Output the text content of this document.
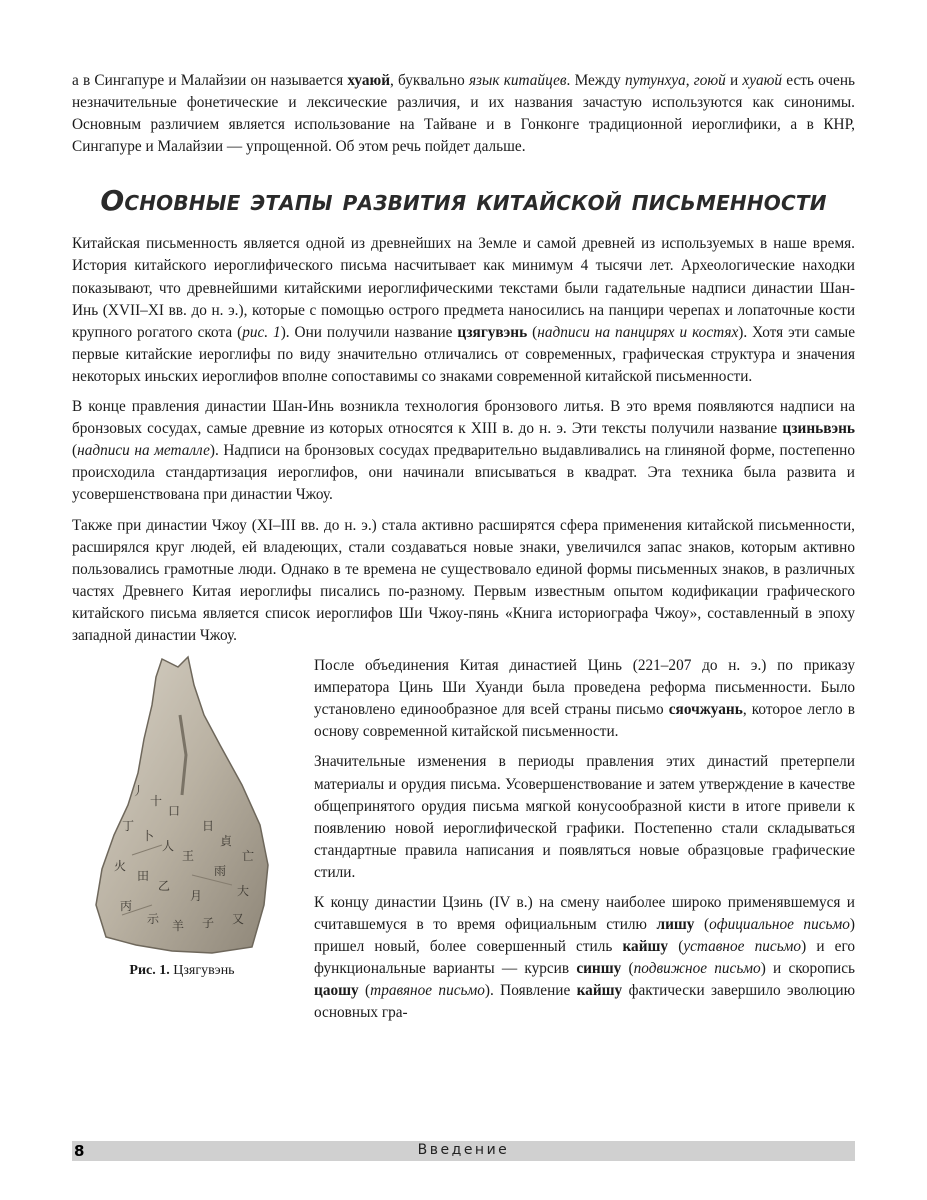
а в Сингапуре и Малайзии он называется хуаюй, буквально язык китайцев. Между путунхуа, гоюй и хуаюй есть очень незначительные фонетические и лексические различия, и их названия зачастую используются как синонимы. Основным различием является использование на Тайване и в Гонконге традиционной иероглифики, а в КНР, Сингапуре и Малайзии — упрощенной. Об этом речь пойдет дальше.

Основные этапы развития китайской письменности

Китайская письменность является одной из древнейших на Земле и самой древней из используемых в наше время. История китайского иероглифического письма насчитывает как минимум 4 тысячи лет. Археологические находки показывают, что древнейшими китайскими иероглифическими текстами были гадательные надписи династии Шан-Инь (XVII–XI вв. до н. э.), которые с помощью острого предмета наносились на панцири черепах и лопаточные кости крупного рогатого скота (рис. 1). Они получили название цзягувэнь (надписи на панцирях и костях). Хотя эти самые первые китайские иероглифы по виду значительно отличались от современных, графическая структура и значения некоторых иньских иероглифов вполне сопоставимы со знаками современной китайской письменности.

В конце правления династии Шан-Инь возникла технология бронзового литья. В это время появляются надписи на бронзовых сосудах, самые древние из которых относятся к XIII в. до н. э. Эти тексты получили название цзиньвэнь (надписи на металле). Надписи на бронзовых сосудах предварительно выдавливались на глиняной форме, постепенно происходила стандартизация иероглифов, они начинали вписываться в квадрат. Эта техника была развита и усовершенствована при династии Чжоу.

Также при династии Чжоу (XI–III вв. до н. э.) стала активно расширятся сфера применения китайской письменности, расширялся круг людей, ей владеющих, стали создаваться новые знаки, увеличился запас знаков, которым активно пользовались грамотные люди. Однако в те времена не существовало единой формы письменных знаков, в различных частях Древнего Китая иероглифы писались по-разному. Первым известным опытом кодификации графического китайского письма является список иероглифов Ши Чжоу-пянь «Книга историографа Чжоу», составленный в эпоху западной династии Чжоу.

丿
十
口
丁
卜
人
王
日
貞
火
田
乙
月
雨
大
丙
示 羊 子 又
亡
Рис. 1. Цзягувэнь

После объединения Китая династией Цинь (221–207 до н. э.) по приказу императора Цинь Ши Хуанди была проведена реформа письменности. Было установлено единообразное для всей страны письмо сяочжуань, которое легло в основу современной китайской письменности.

Значительные изменения в периоды правления этих династий претерпели материалы и орудия письма. Усовершенствование и затем утверждение в качестве общепринятого орудия письма мягкой конусообразной кисти в итоге привели к появлению новой иероглифической графики. Постепенно стали складываться стандартные правила написания и появляться новые образцовые графические стили.

К концу династии Цзинь (IV в.) на смену наиболее широко применявшемуся и считавшемуся в то время официальным стилю лишу (официальное письмо) пришел новый, более совершенный стиль кайшу (уставное письмо) и его функциональные варианты — курсив синшу (подвижное письмо) и скоропись цаошу (травяное письмо). Появление кайшу фактически завершило эволюцию основных гра-

8	Введение
